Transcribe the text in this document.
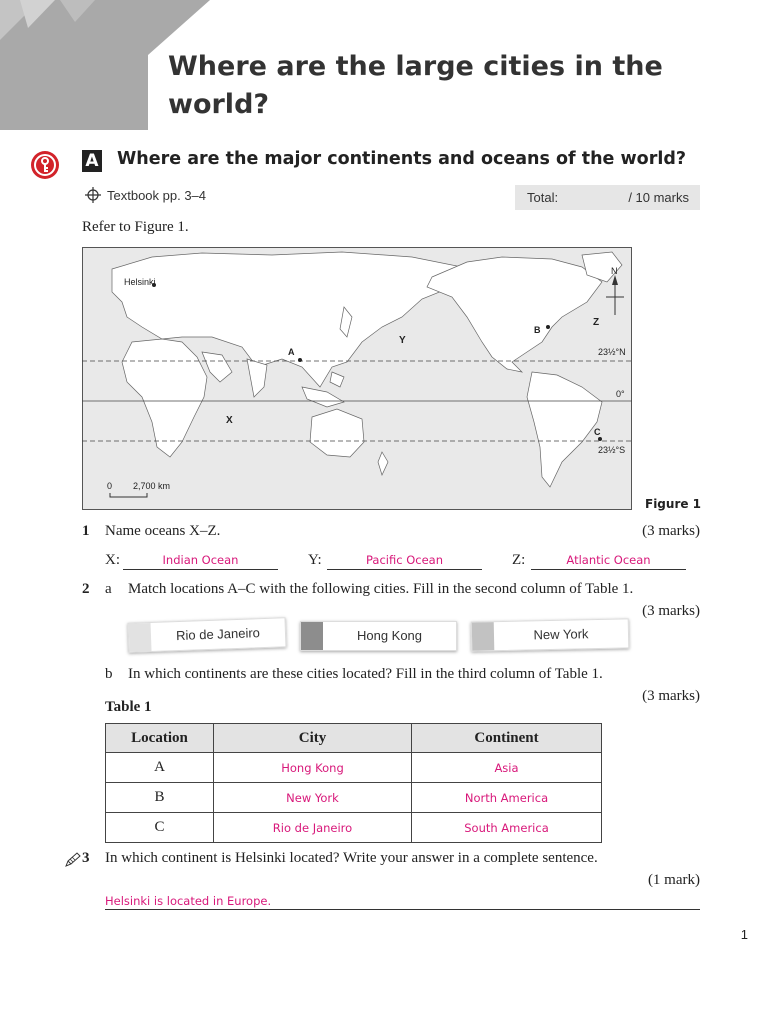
Where are the large cities in the world?
A Where are the major continents and oceans of the world?
Textbook pp. 3–4	Total:	/ 10 marks
Refer to Figure 1.
Helsinki
A
B
C
X
Y
Z
N
23½°N
0°
23½°S
0 2,700 km
Figure 1
1 Name oceans X–Z.	(3 marks)
X:	Indian Ocean	Y:	Pacific Ocean	Z:	Atlantic Ocean
2 a Match locations A–C with the following cities. Fill in the second column of Table 1.
(3 marks)
Rio de Janeiro	Hong Kong	New York
b In which continents are these cities located? Fill in the third column of Table 1.
(3 marks)
Table 1
Location	City	Continent
A	Hong Kong	Asia
B	New York	North America
C	Rio de Janeiro	South America
3 In which continent is Helsinki located? Write your answer in a complete sentence.
(1 mark)
Helsinki is located in Europe.
1
